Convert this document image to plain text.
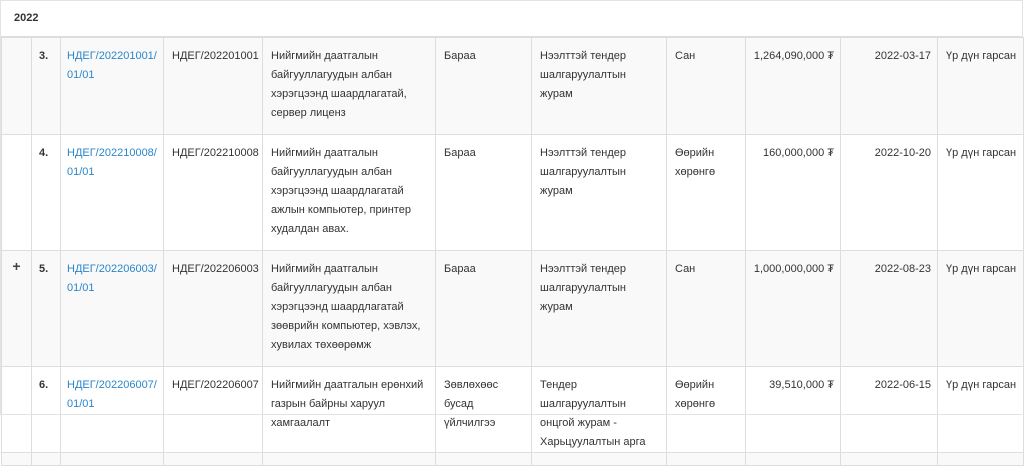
2022
	3.	НДЕГ/202201001/01/01	НДЕГ/202201001	Нийгмийн даатгалын байгууллагуудын албан хэрэгцээнд шаардлагатай, сервер лиценз	Бараа	Нээлттэй тендер шалгаруулалтын журам	Сан	1,264,090,000 ₮	2022-03-17	Үр дүн гарсан
	4.	НДЕГ/202210008/01/01	НДЕГ/202210008	Нийгмийн даатгалын байгууллагуудын албан хэрэгцээнд шаардлагатай ажлын компьютер, принтер худалдан авах.	Бараа	Нээлттэй тендер шалгаруулалтын журам	Өөрийн хөрөнгө	160,000,000 ₮	2022-10-20	Үр дүн гарсан
+	5.	НДЕГ/202206003/01/01	НДЕГ/202206003	Нийгмийн даатгалын байгууллагуудын албан хэрэгцээнд шаардлагатай зөөврийн компьютер, хэвлэх, хувилах төхөөрөмж	Бараа	Нээлттэй тендер шалгаруулалтын журам	Сан	1,000,000,000 ₮	2022-08-23	Үр дүн гарсан
	6.	НДЕГ/202206007/01/01	НДЕГ/202206007	Нийгмийн даатгалын ерөнхий газрын байрны харуул хамгаалалт	Зөвлөхөөс бусад үйлчилгээ	Тендер шалгаруулалтын онцгой журам - Харьцуулалтын арга	Өөрийн хөрөнгө	39,510,000 ₮	2022-06-15	Үр дүн гарсан
